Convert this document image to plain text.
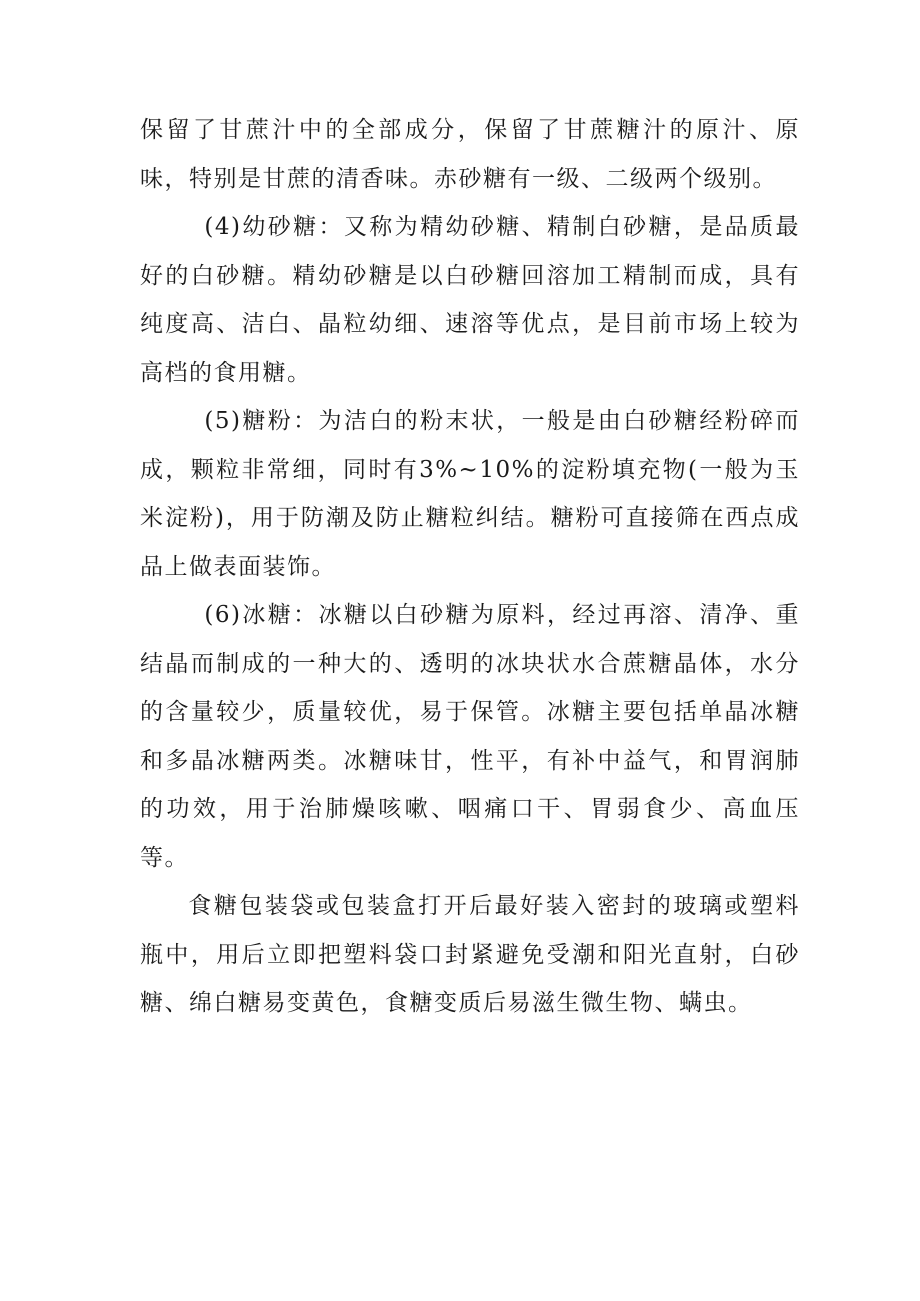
保留了甘蔗汁中的全部成分，保留了甘蔗糖汁的原汁、原味，特别是甘蔗的清香味。赤砂糖有一级、二级两个级别。

(4)幼砂糖：又称为精幼砂糖、精制白砂糖，是品质最好的白砂糖。精幼砂糖是以白砂糖回溶加工精制而成，具有纯度高、洁白、晶粒幼细、速溶等优点，是目前市场上较为高档的食用糖。

(5)糖粉：为洁白的粉末状，一般是由白砂糖经粉碎而成，颗粒非常细，同时有3%~10%的淀粉填充物(一般为玉米淀粉)，用于防潮及防止糖粒纠结。糖粉可直接筛在西点成品上做表面装饰。

(6)冰糖：冰糖以白砂糖为原料，经过再溶、清净、重结晶而制成的一种大的、透明的冰块状水合蔗糖晶体，水分的含量较少，质量较优，易于保管。冰糖主要包括单晶冰糖和多晶冰糖两类。冰糖味甘，性平，有补中益气，和胃润肺的功效，用于治肺燥咳嗽、咽痛口干、胃弱食少、高血压等。

食糖包装袋或包装盒打开后最好装入密封的玻璃或塑料瓶中，用后立即把塑料袋口封紧避免受潮和阳光直射，白砂糖、绵白糖易变黄色，食糖变质后易滋生微生物、螨虫。
